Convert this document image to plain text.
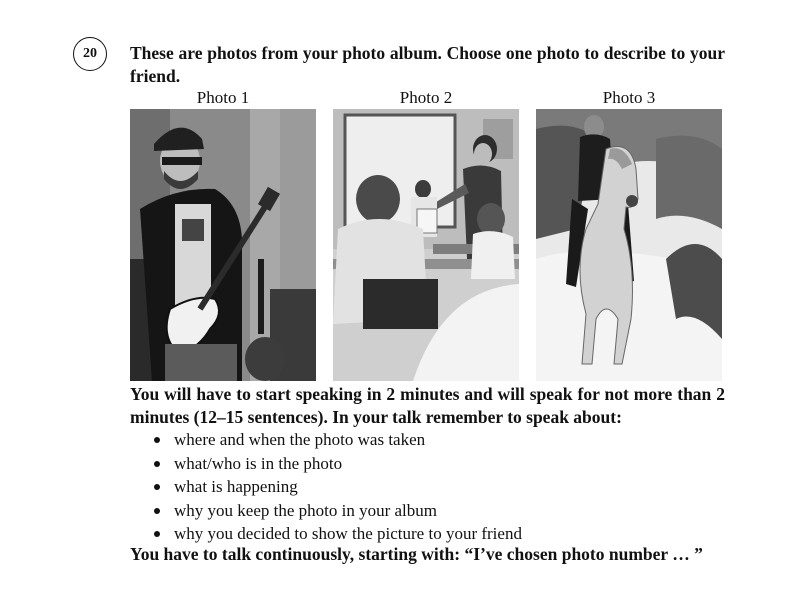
20	These are photos from your photo album. Choose one photo to describe to your friend.

Photo 1	Photo 2	Photo 3

You will have to start speaking in 2 minutes and will speak for not more than 2 minutes (12–15 sentences). In your talk remember to speak about:

where and when the photo was taken
what/who is in the photo
what is happening
why you keep the photo in your album
why you decided to show the picture to your friend

You have to talk continuously, starting with: “I’ve chosen photo number … ”
